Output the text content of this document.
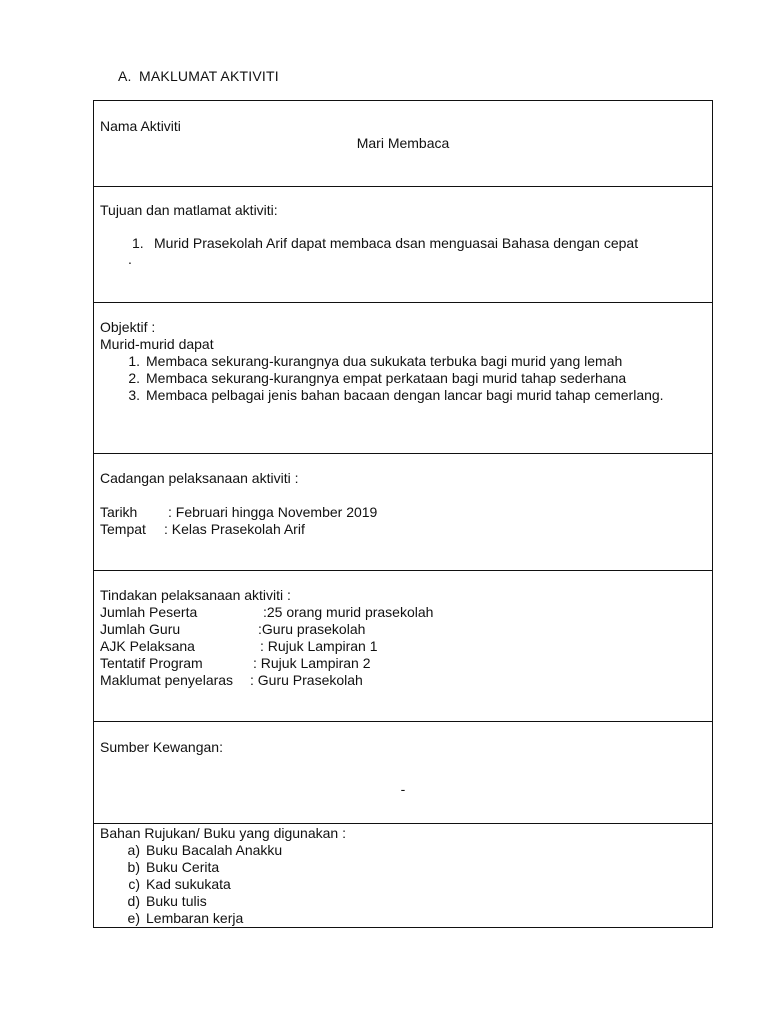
A. MAKLUMAT AKTIVITI
Nama Aktiviti
Mari Membaca

Tujuan dan matlamat aktiviti:
1. Murid Prasekolah Arif dapat membaca dsan menguasai Bahasa dengan cepat
.

Objektif :
Murid-murid dapat
1. Membaca sekurang-kurangnya dua sukukata terbuka bagi murid yang lemah
2. Membaca sekurang-kurangnya empat perkataan bagi murid tahap sederhana
3. Membaca pelbagai jenis bahan bacaan dengan lancar bagi murid tahap cemerlang.

Cadangan pelaksanaan aktiviti :
Tarikh	: Februari hingga November 2019
Tempat	: Kelas Prasekolah Arif

Tindakan pelaksanaan aktiviti :
Jumlah Peserta	:25 orang murid prasekolah
Jumlah Guru	:Guru prasekolah
AJK Pelaksana	: Rujuk Lampiran 1
Tentatif Program	: Rujuk Lampiran 2
Maklumat penyelaras	: Guru Prasekolah

Sumber Kewangan:
-

Bahan Rujukan/ Buku yang digunakan :
a) Buku Bacalah Anakku
b) Buku Cerita
c) Kad sukukata
d) Buku tulis
e) Lembaran kerja
